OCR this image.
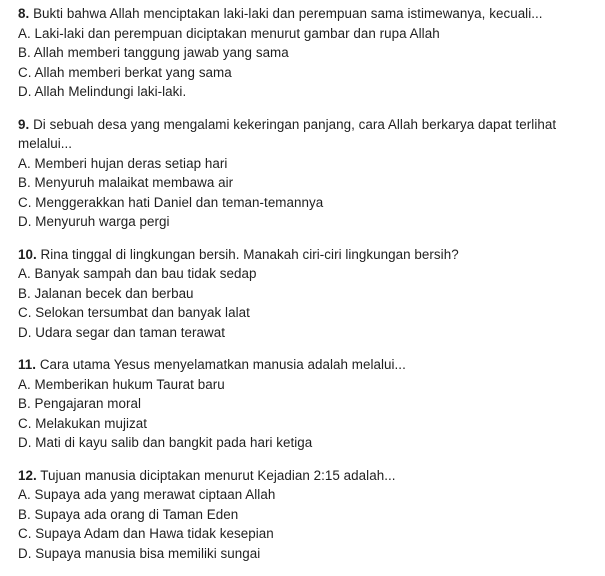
8. Bukti bahwa Allah menciptakan laki-laki dan perempuan sama istimewanya, kecuali...

A. Laki-laki dan perempuan diciptakan menurut gambar dan rupa Allah
B. Allah memberi tanggung jawab yang sama
C. Allah memberi berkat yang sama
D. Allah Melindungi laki-laki.

9. Di sebuah desa yang mengalami kekeringan panjang, cara Allah berkarya dapat terlihat melalui...

A. Memberi hujan deras setiap hari
B. Menyuruh malaikat membawa air
C. Menggerakkan hati Daniel dan teman-temannya
D. Menyuruh warga pergi

10. Rina tinggal di lingkungan bersih. Manakah ciri-ciri lingkungan bersih?

A. Banyak sampah dan bau tidak sedap
B. Jalanan becek dan berbau
C. Selokan tersumbat dan banyak lalat
D. Udara segar dan taman terawat

11. Cara utama Yesus menyelamatkan manusia adalah melalui...

A. Memberikan hukum Taurat baru
B. Pengajaran moral
C. Melakukan mujizat
D. Mati di kayu salib dan bangkit pada hari ketiga

12. Tujuan manusia diciptakan menurut Kejadian 2:15 adalah...

A. Supaya ada yang merawat ciptaan Allah
B. Supaya ada orang di Taman Eden
C. Supaya Adam dan Hawa tidak kesepian
D. Supaya manusia bisa memiliki sungai
